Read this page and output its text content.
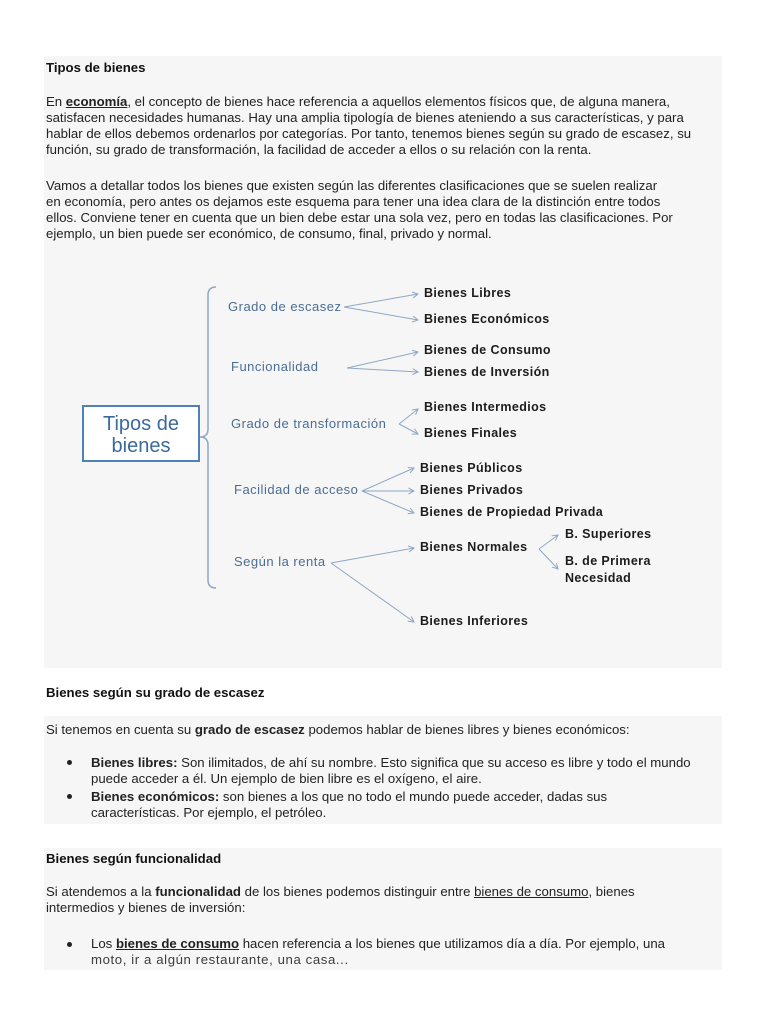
Tipos de bienes
En economía, el concepto de bienes hace referencia a aquellos elementos físicos que, de alguna manera,
satisfacen necesidades humanas. Hay una amplia tipología de bienes ateniendo a sus características, y para
hablar de ellos debemos ordenarlos por categorías. Por tanto, tenemos bienes según su grado de escasez, su
función, su grado de transformación, la facilidad de acceder a ellos o su relación con la renta.
Vamos a detallar todos los bienes que existen según las diferentes clasificaciones que se suelen realizar
en economía, pero antes os dejamos este esquema para tener una idea clara de la distinción entre todos
ellos. Conviene tener en cuenta que un bien debe estar una sola vez, pero en todas las clasificaciones. Por
ejemplo, un bien puede ser económico, de consumo, final, privado y normal.
Tipos de
bienes
Grado de escasez
Bienes Libres
Bienes Económicos
Funcionalidad
Bienes de Consumo
Bienes de Inversión
Grado de transformación
Bienes Intermedios
Bienes Finales
Facilidad de acceso
Bienes Públicos
Bienes Privados
Bienes de Propiedad Privada
Según la renta
Bienes Normales
Bienes Inferiores
B. Superiores
B. de Primera
Necesidad
Bienes según su grado de escasez
Si tenemos en cuenta su grado de escasez podemos hablar de bienes libres y bienes económicos:
Bienes libres: Son ilimitados, de ahí su nombre. Esto significa que su acceso es libre y todo el mundo
puede acceder a él. Un ejemplo de bien libre es el oxígeno, el aire.
Bienes económicos: son bienes a los que no todo el mundo puede acceder, dadas sus
características. Por ejemplo, el petróleo.
Bienes según funcionalidad
Si atendemos a la funcionalidad de los bienes podemos distinguir entre bienes de consumo, bienes
intermedios y bienes de inversión:
Los bienes de consumo hacen referencia a los bienes que utilizamos día a día. Por ejemplo, una
moto, ir a algún restaurante, una casa...
